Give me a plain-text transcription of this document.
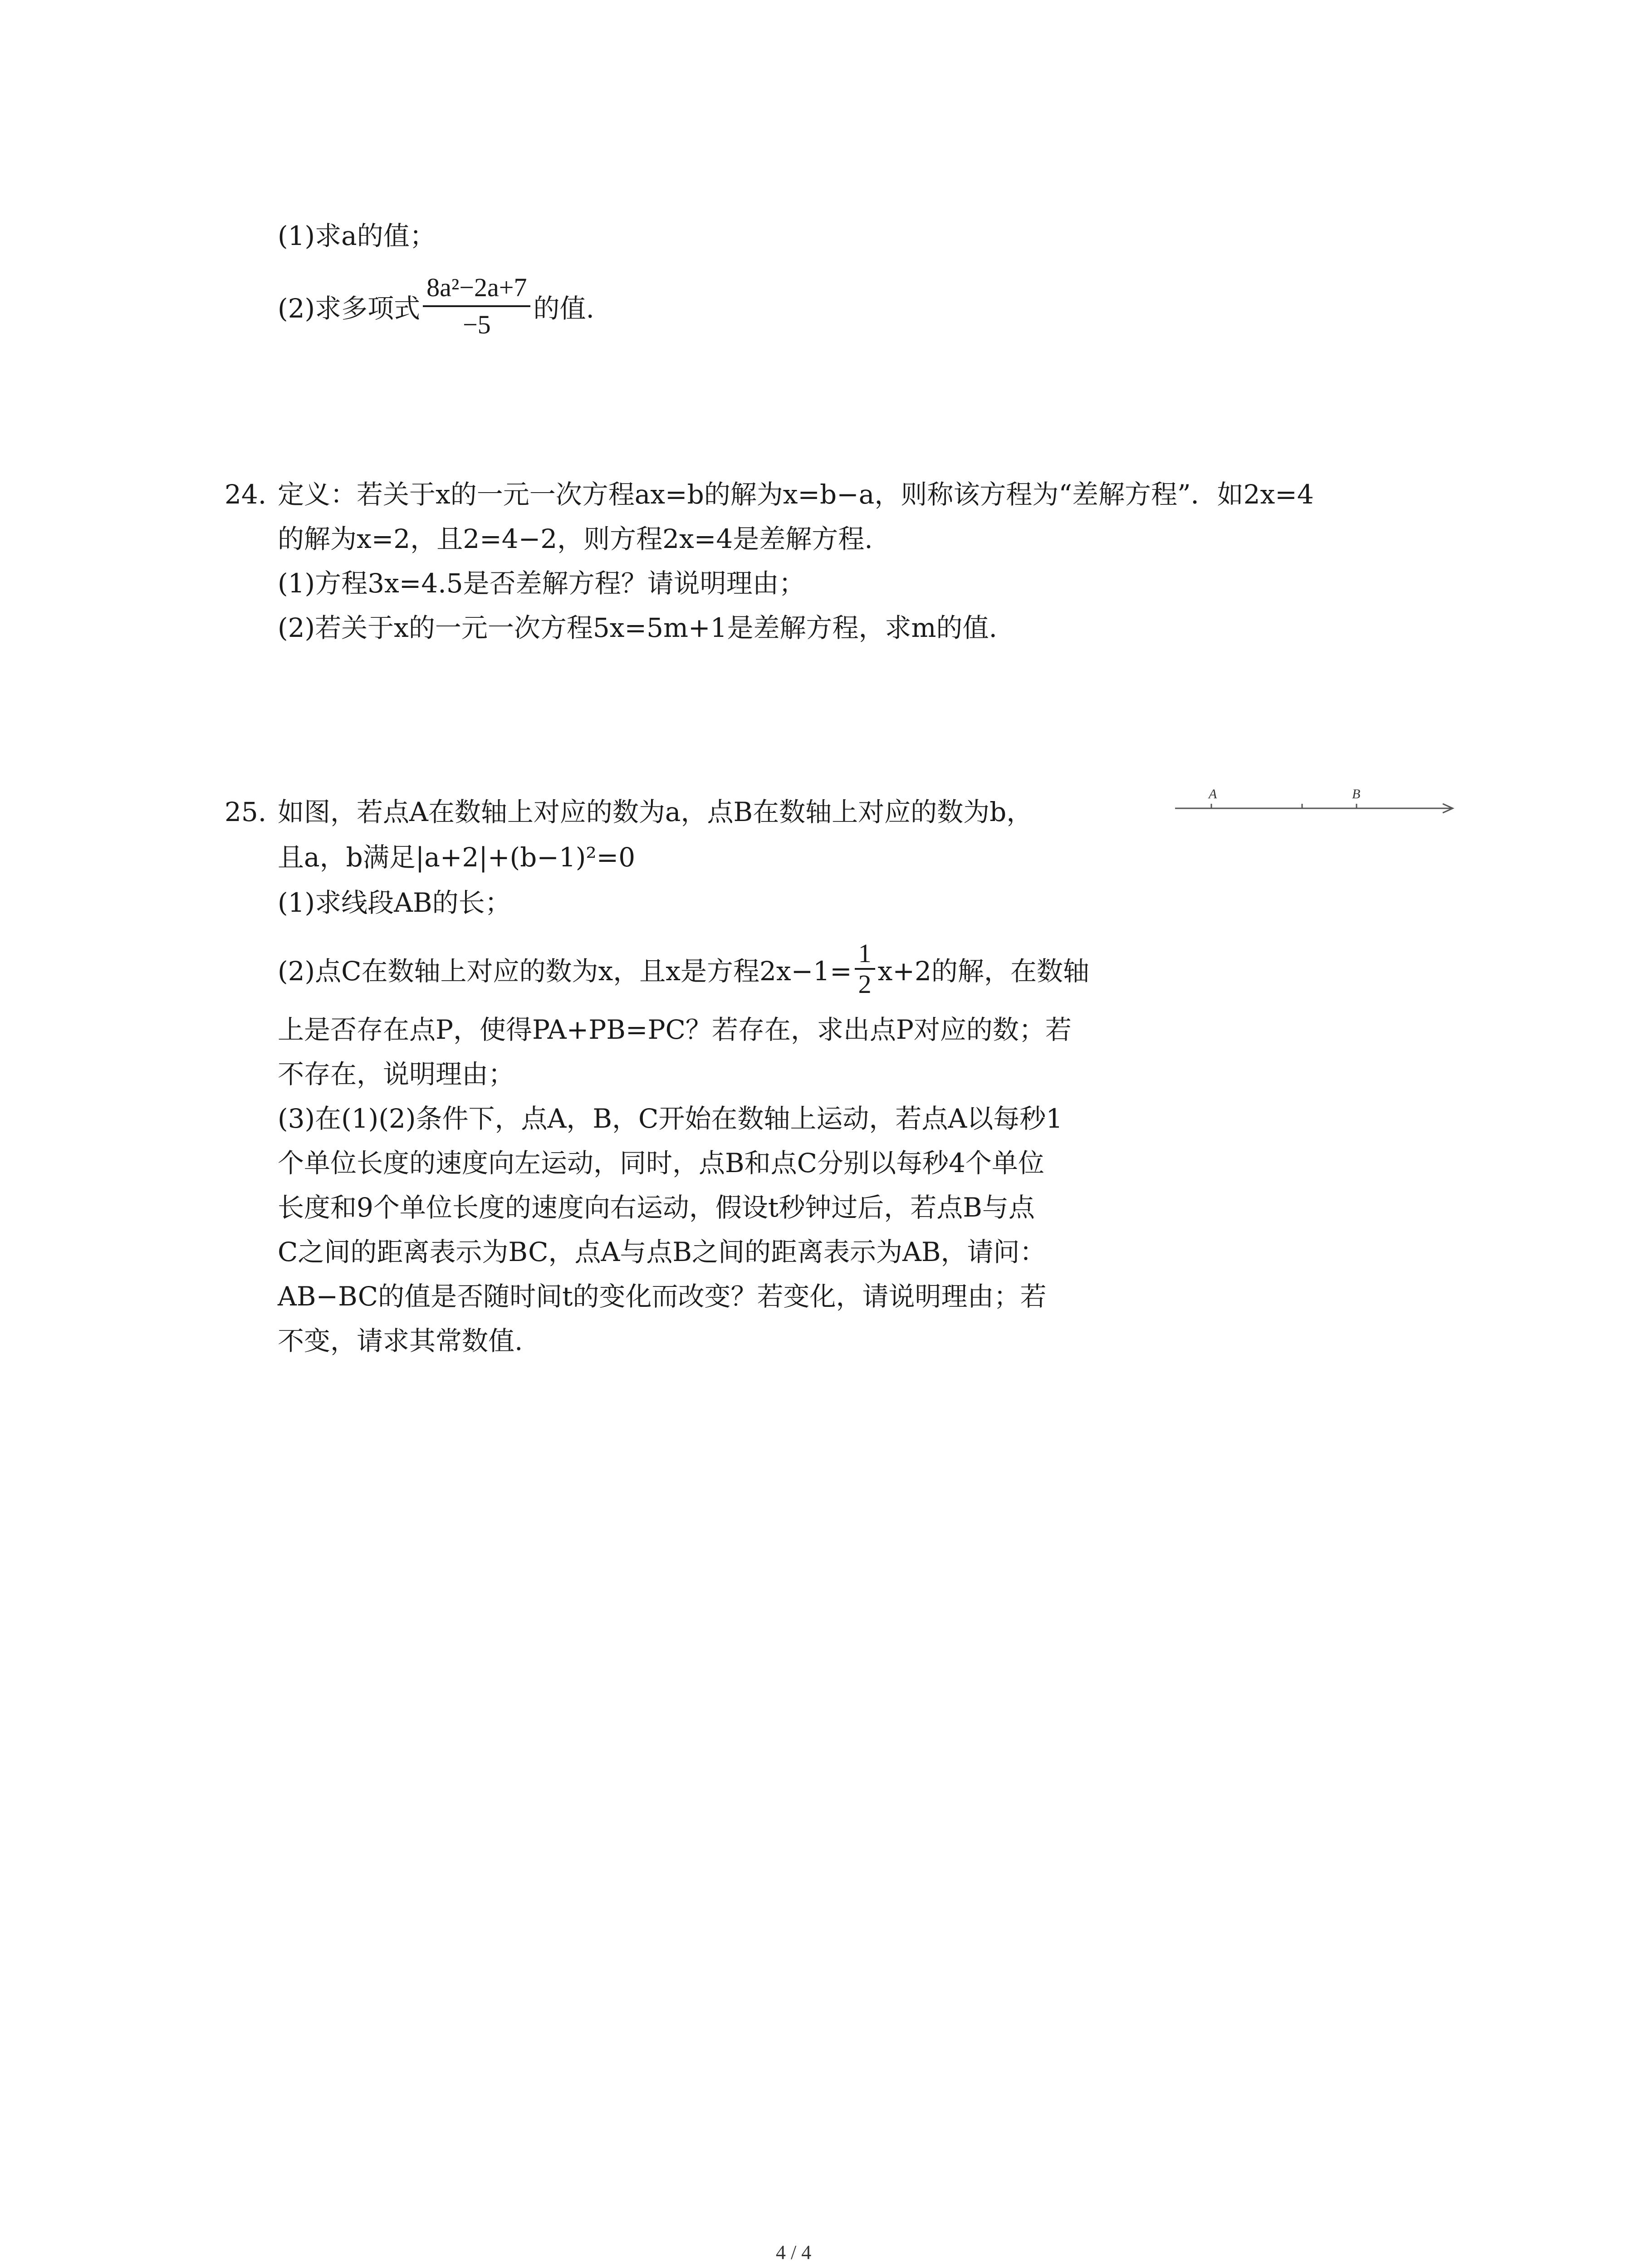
(1)求a的值；
(2)求多项式 $\frac{\text{8a²−2a+7}}{-5}$ 的值.
24. 定义：若关于x的一元一次方程ax=b的解为x=b−a，则称该方程为“差解方程”．如2x=4
的解为x=2，且2=4−2，则方程2x=4是差解方程.
(1)方程3x=4.5是否差解方程？请说明理由；
(2)若关于x的一元一次方程5x=5m+1是差解方程，求m的值.
25. 如图，若点A在数轴上对应的数为a，点B在数轴上对应的数为b，
且a，b满足|a+2|+(b−1)²=0
(1)求线段AB的长；
(2)点C在数轴上对应的数为x，且x是方程$2x-1= \frac{1}{2} x+2$的解，在数轴
上是否存在点P，使得PA+PB=PC？若存在，求出点P对应的数；若
不存在，说明理由；
(3)在(1)(2)条件下，点A，B，C开始在数轴上运动，若点A以每秒1
个单位长度的速度向左运动，同时，点B和点C分别以每秒4个单位
长度和9个单位长度的速度向右运动，假设t秒钟过后，若点B与点
C之间的距离表示为BC，点A与点B之间的距离表示为AB，请问：
AB−BC的值是否随时间t的变化而改变？若变化，请说明理由；若
不变，请求其常数值.
A	B
4 / 4
